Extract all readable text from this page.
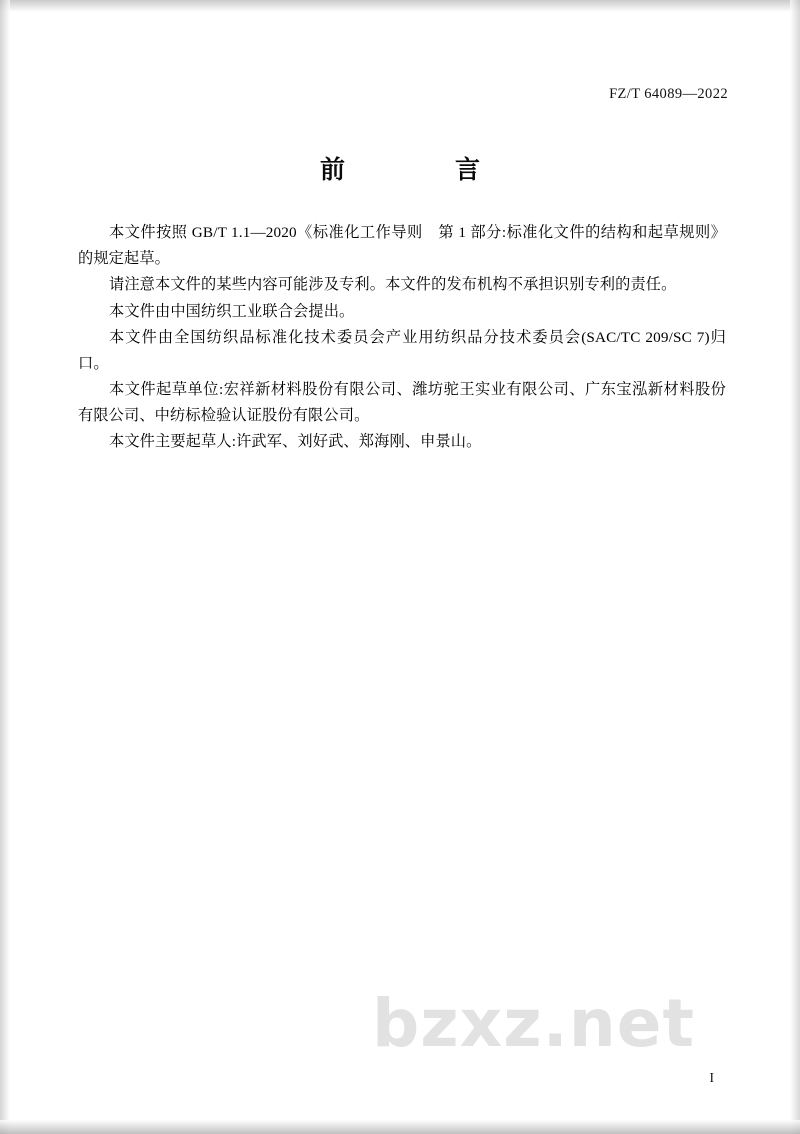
FZ/T 64089—2022
前　　言

本文件按照 GB/T 1.1—2020《标准化工作导则　第 1 部分:标准化文件的结构和起草规则》的规定起草。

请注意本文件的某些内容可能涉及专利。本文件的发布机构不承担识别专利的责任。

本文件由中国纺织工业联合会提出。

本文件由全国纺织品标准化技术委员会产业用纺织品分技术委员会(SAC/TC 209/SC 7)归口。

本文件起草单位:宏祥新材料股份有限公司、潍坊驼王实业有限公司、广东宝泓新材料股份有限公司、中纺标检验认证股份有限公司。

本文件主要起草人:许武军、刘好武、郑海刚、申景山。

bzxz.net
I
